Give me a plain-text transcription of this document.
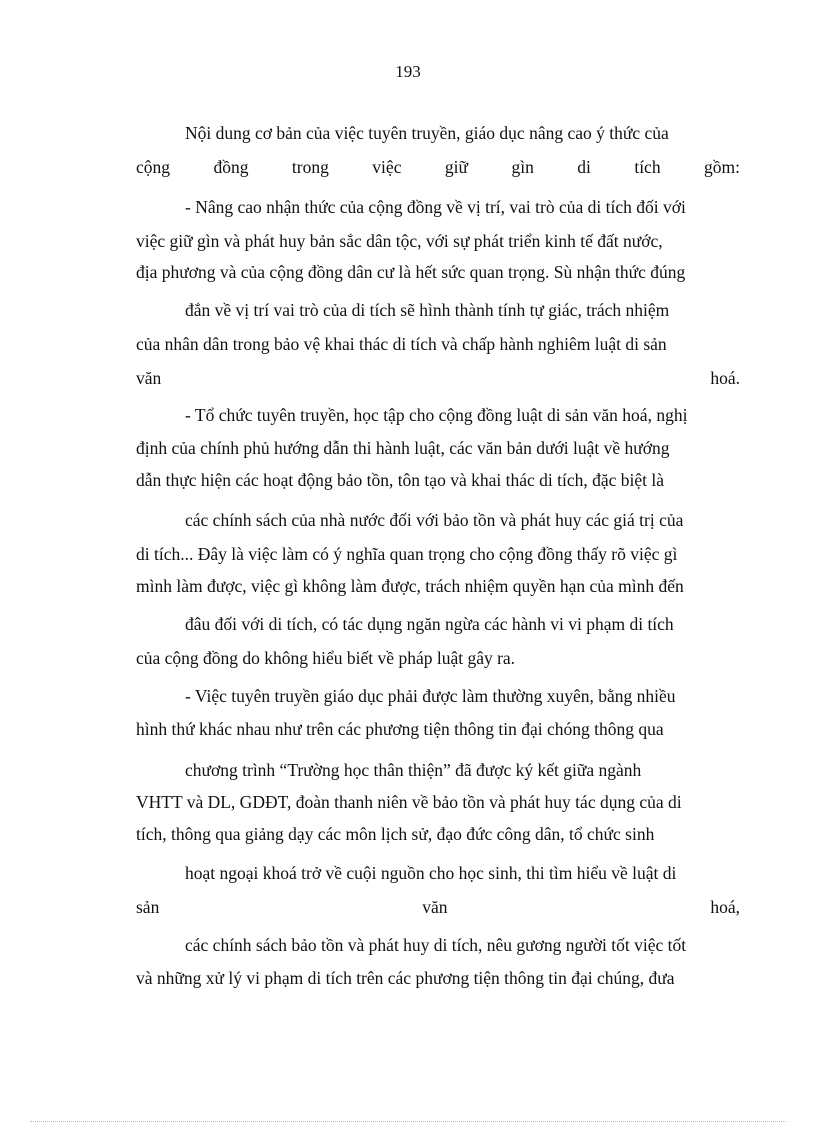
193
Nội dung cơ bản của việc tuyên truyền, giáo dục nâng cao ý thức của
cộng đồng trong việc giữ gìn di tích gồm:
- Nâng cao nhận thức của cộng đồng về vị trí, vai trò của di tích đối với
việc giữ gìn và phát huy bản sắc dân tộc, với sự phát triển kinh tế đất nước,
địa phương và của cộng đồng dân cư là hết sức quan trọng. Sù nhận thức đúng
đắn về vị trí vai trò của di tích sẽ hình thành tính tự giác, trách nhiệm
của nhân dân trong bảo vệ khai thác di tích và chấp hành nghiêm luật di sản
văn hoá.
- Tổ chức tuyên truyền, học tập cho cộng đồng luật di sản văn hoá, nghị
định của chính phủ hướng dẫn thi hành luật, các văn bản dưới luật về hướng
dẫn thực hiện các hoạt động bảo tồn, tôn tạo và khai thác di tích, đặc biệt là
các chính sách của nhà nước đối với bảo tồn và phát huy các giá trị của
di tích... Đây là việc làm có ý nghĩa quan trọng cho cộng đồng thấy rõ việc gì
mình làm được, việc gì không làm được, trách nhiệm quyền hạn của mình đến
đâu đối với di tích, có tác dụng ngăn ngừa các hành vi vi phạm di tích
của cộng đồng do không hiểu biết về pháp luật gây ra.
- Việc tuyên truyền giáo dục phải được làm thường xuyên, bằng nhiều
hình thứ khác nhau như trên các phương tiện thông tin đại chóng thông qua
chương trình “Trường học thân thiện” đã được ký kết giữa ngành
VHTT và DL, GDĐT, đoàn thanh niên về bảo tồn và phát huy tác dụng của di
tích, thông qua giảng dạy các môn lịch sử, đạo đức công dân, tổ chức sinh
hoạt ngoại khoá trở về cuội nguồn cho học sinh, thi tìm hiểu về luật di
sản văn hoá,
các chính sách bảo tồn và phát huy di tích, nêu gương người tốt việc tốt
và những xử lý vi phạm di tích trên các phương tiện thông tin đại chúng, đưa
